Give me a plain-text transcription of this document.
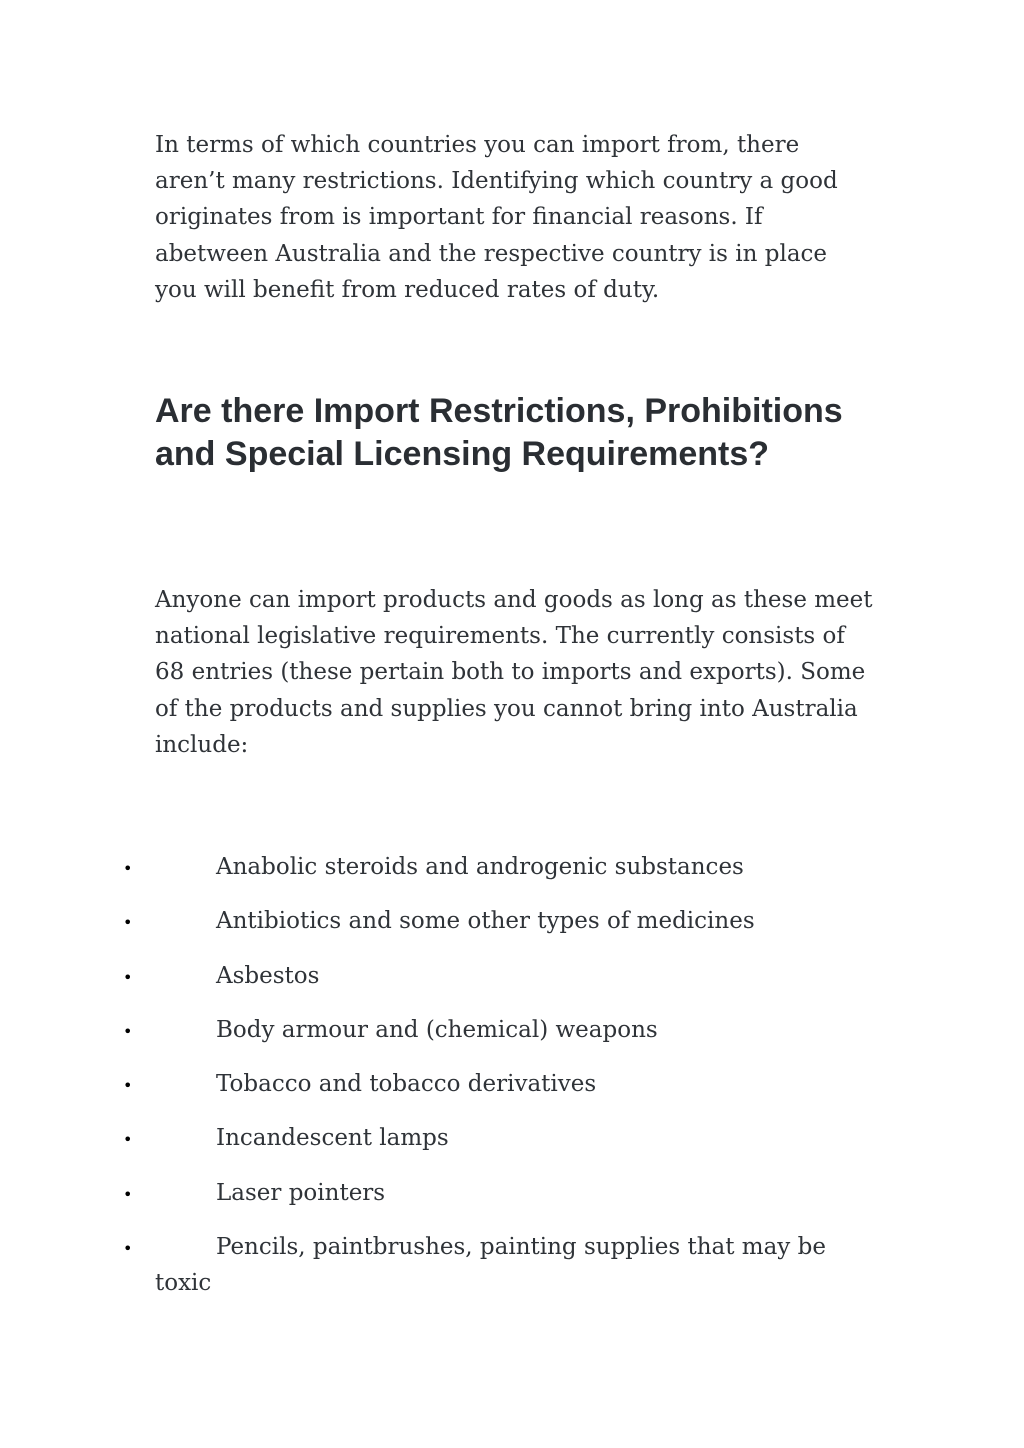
In terms of which countries you can import from, there aren’t many restrictions. Identifying which country a good originates from is important for financial reasons. If abetween Australia and the respective country is in place you will benefit from reduced rates of duty.

Are there Import Restrictions, Prohibitions and Special Licensing Requirements?

Anyone can import products and goods as long as these meet national legislative requirements. The currently consists of 68 entries (these pertain both to imports and exports). Some of the products and supplies you cannot bring into Australia include:

•	Anabolic steroids and androgenic substances
•	Antibiotics and some other types of medicines
•	Asbestos
•	Body armour and (chemical) weapons
•	Tobacco and tobacco derivatives
•	Incandescent lamps
•	Laser pointers
•	Pencils, paintbrushes, painting supplies that may be
toxic
